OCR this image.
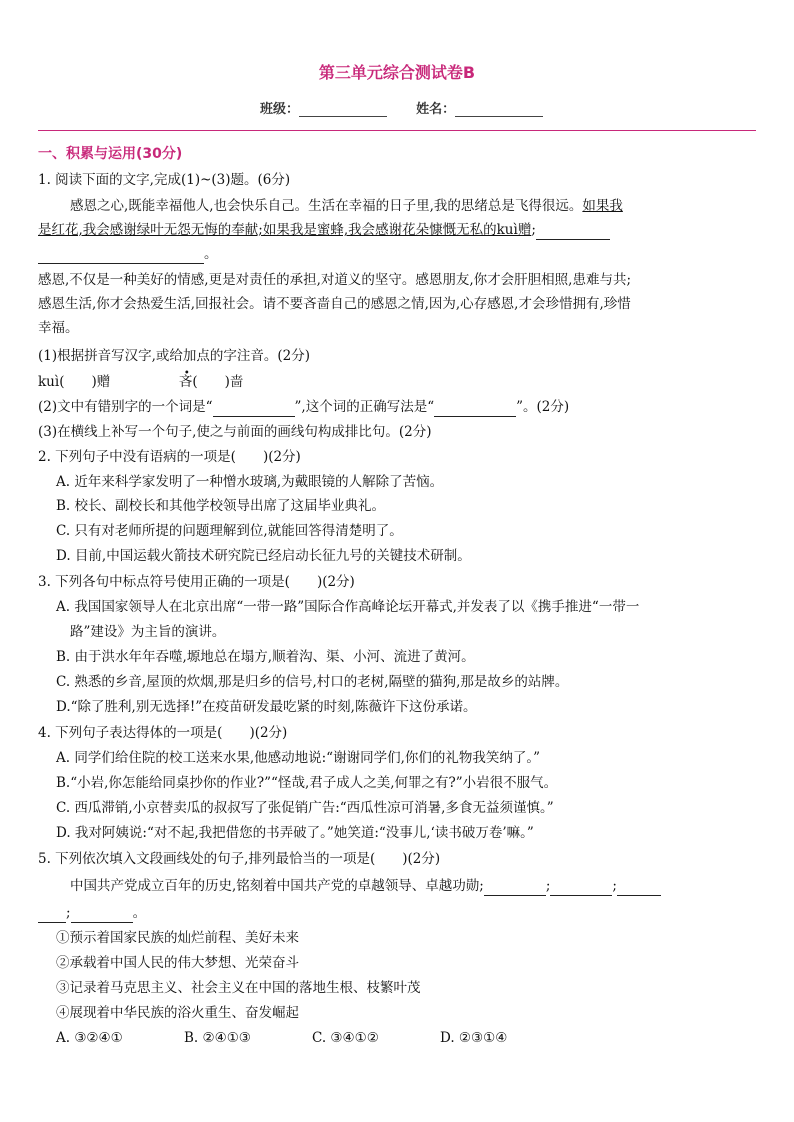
第三单元综合测试卷B
班级：	姓名：
一、积累与运用(30分)
1. 阅读下面的文字,完成(1)~(3)题。(6分)
感恩之心,既能幸福他人,也会快乐自己。生活在幸福的日子里,我的思绪总是飞得很远。如果我
是红花,我会感谢绿叶无怨无悔的奉献;如果我是蜜蜂,我会感谢花朵慷慨无私的kuì赠;
。
感恩,不仅是一种美好的情感,更是对责任的承担,对道义的坚守。感恩朋友,你才会肝胆相照,患难与共;
感恩生活,你才会热爱生活,回报社会。请不要吝啬自己的感恩之情,因为,心存感恩,才会珍惜拥有,珍惜
幸福。
(1)根据拼音写汉字,或给加点的字注音。(2分)
kuì(　　)赠	吝(　　)啬
(2)文中有错别字的一个词是“	”,这个词的正确写法是“	”。(2分)
(3)在横线上补写一个句子,使之与前面的画线句构成排比句。(2分)
2. 下列句子中没有语病的一项是(　　)(2分)
A. 近年来科学家发明了一种憎水玻璃,为戴眼镜的人解除了苦恼。
B. 校长、副校长和其他学校领导出席了这届毕业典礼。
C. 只有对老师所提的问题理解到位,就能回答得清楚明了。
D. 目前,中国运载火箭技术研究院已经启动长征九号的关键技术研制。
3. 下列各句中标点符号使用正确的一项是(　　)(2分)
A. 我国国家领导人在北京出席“一带一路”国际合作高峰论坛开幕式,并发表了以《携手推进“一带一
路”建设》为主旨的演讲。
B. 由于洪水年年吞噬,塬地总在塌方,顺着沟、渠、小河、流进了黄河。
C. 熟悉的乡音,屋顶的炊烟,那是归乡的信号,村口的老树,隔壁的猫狗,那是故乡的站牌。
D.“除了胜利,别无选择!”在疫苗研发最吃紧的时刻,陈薇许下这份承诺。
4. 下列句子表达得体的一项是(　　)(2分)
A. 同学们给住院的校工送来水果,他感动地说:“谢谢同学们,你们的礼物我笑纳了。”
B.“小岩,你怎能给同桌抄你的作业?”“怪哉,君子成人之美,何罪之有?”小岩很不服气。
C. 西瓜滞销,小京替卖瓜的叔叔写了张促销广告:“西瓜性凉可消暑,多食无益须谨慎。”
D. 我对阿姨说:“对不起,我把借您的书弄破了。”她笑道:“没事儿,‘读书破万卷’嘛。”
5. 下列依次填入文段画线处的句子,排列最恰当的一项是(　　)(2分)
中国共产党成立百年的历史,铭刻着中国共产党的卓越领导、卓越功勋;	;	;
;	。
①预示着国家民族的灿烂前程、美好未来
②承载着中国人民的伟大梦想、光荣奋斗
③记录着马克思主义、社会主义在中国的落地生根、枝繁叶茂
④展现着中华民族的浴火重生、奋发崛起
A. ③②④①	B. ②④①③	C. ③④①②	D. ②③①④
